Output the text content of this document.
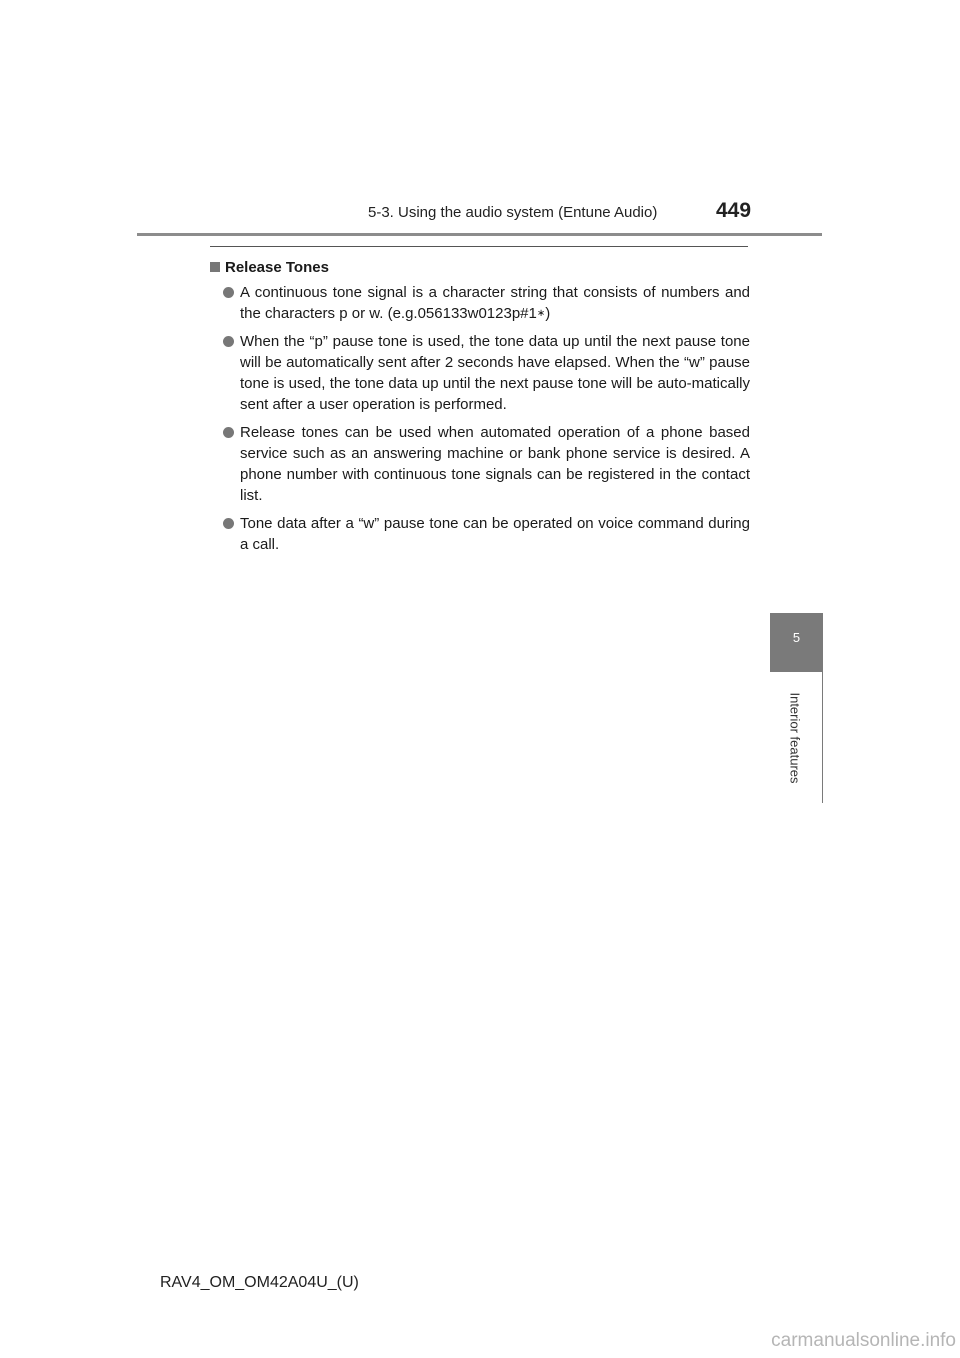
5-3. Using the audio system (Entune Audio)	449
5
Interior features
Release Tones
A continuous tone signal is a character string that consists of numbers and the characters p or w. (e.g.056133w0123p#1∗)
When the “p” pause tone is used, the tone data up until the next pause tone will be automatically sent after 2 seconds have elapsed. When the “w” pause tone is used, the tone data up until the next pause tone will be auto-matically sent after a user operation is performed.
Release tones can be used when automated operation of a phone based service such as an answering machine or bank phone service is desired. A phone number with continuous tone signals can be registered in the contact list.
Tone data after a “w” pause tone can be operated on voice command during a call.
RAV4_OM_OM42A04U_(U)
carmanualsonline.info
